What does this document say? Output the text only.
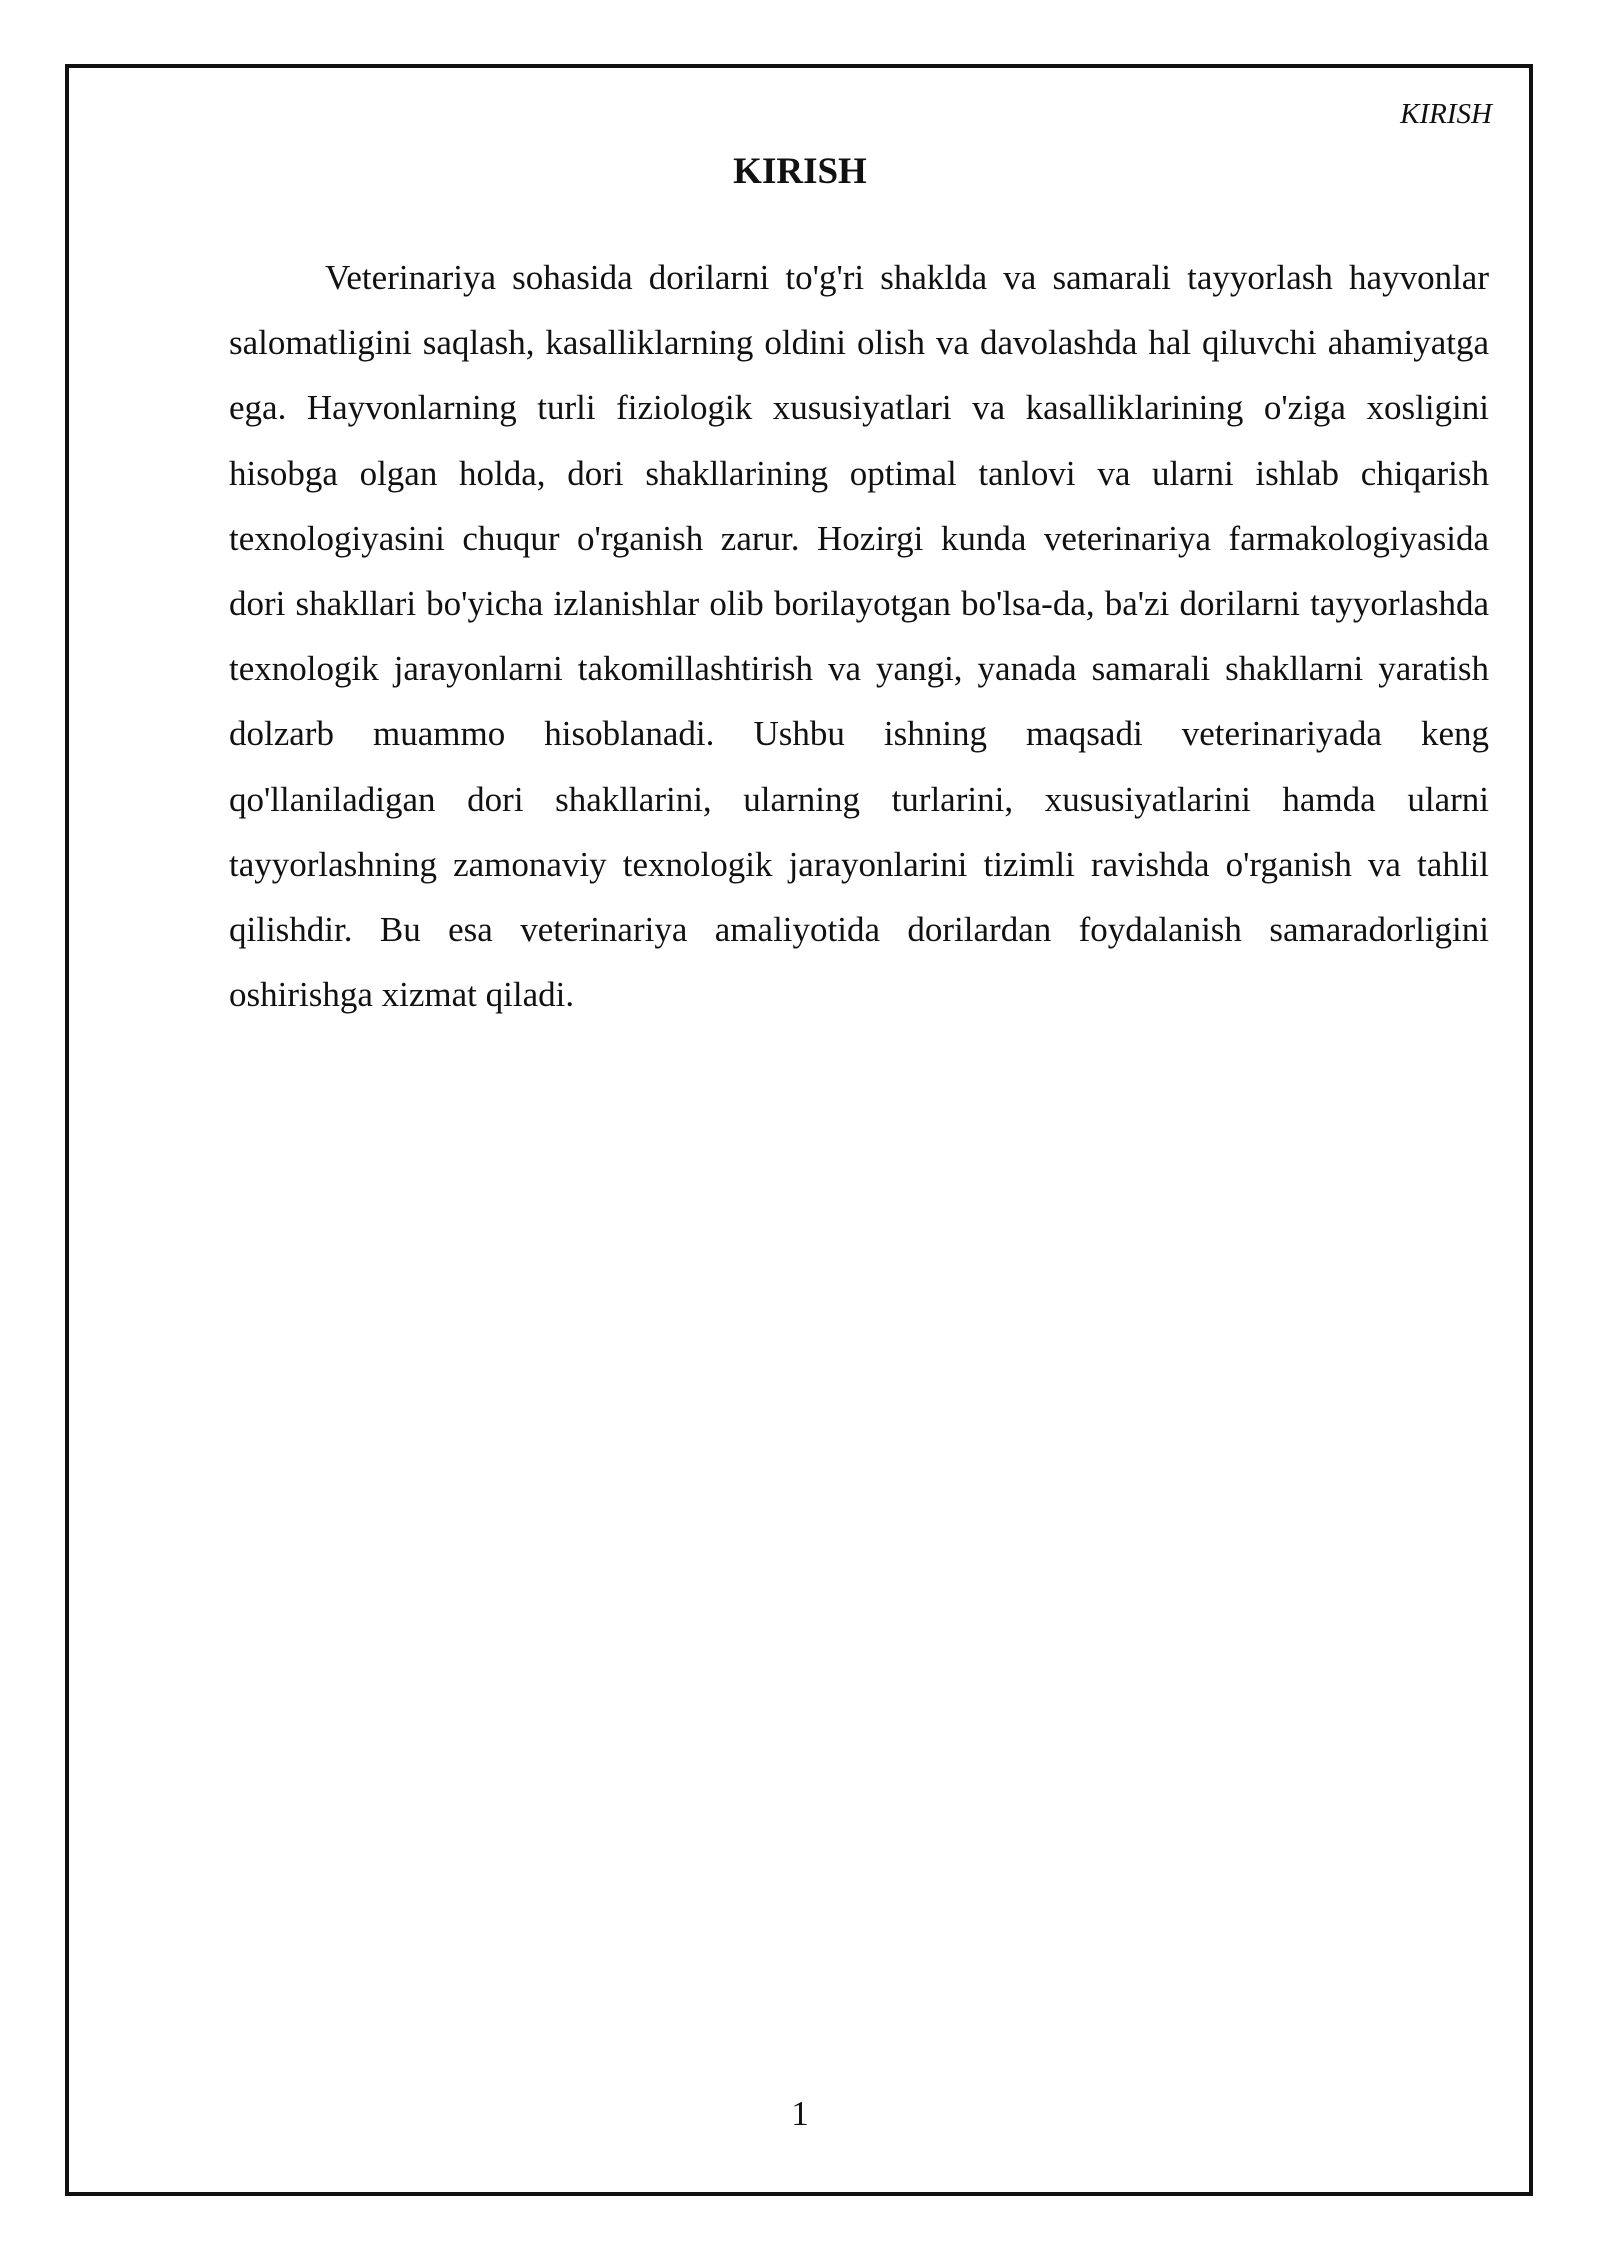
KIRISH

KIRISH

Veterinariya sohasida dorilarni to'g'ri shaklda va samarali tayyorlash hayvonlar salomatligini saqlash, kasalliklarning oldini olish va davolashda hal qiluvchi ahamiyatga ega. Hayvonlarning turli fiziologik xususiyatlari va kasalliklarining o'ziga xosligini hisobga olgan holda, dori shakllarining optimal tanlovi va ularni ishlab chiqarish texnologiyasini chuqur o'rganish zarur. Hozirgi kunda veterinariya farmakologiyasida dori shakllari bo'yicha izlanishlar olib borilayotgan bo'lsa-da, ba'zi dorilarni tayyorlashda texnologik jarayonlarni takomillashtirish va yangi, yanada samarali shakllarni yaratish dolzarb muammo hisoblanadi. Ushbu ishning maqsadi veterinariyada keng qo'llaniladigan dori shakllarini, ularning turlarini, xususiyatlarini hamda ularni tayyorlashning zamonaviy texnologik jarayonlarini tizimli ravishda o'rganish va tahlil qilishdir. Bu esa veterinariya amaliyotida dorilardan foydalanish samaradorligini oshirishga xizmat qiladi.

1
